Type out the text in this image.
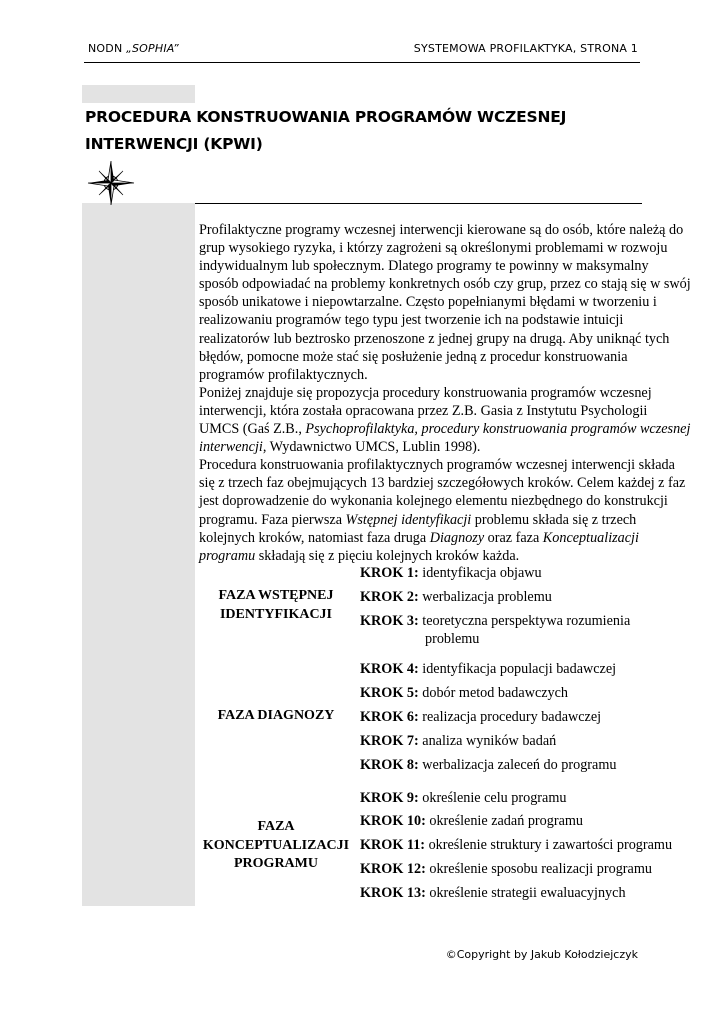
NODN „SOPHIA”	SYSTEMOWA PROFILAKTYKA, STRONA 1
PROCEDURA KONSTRUOWANIA PROGRAMÓW WCZESNEJ INTERWENCJI (KPWI)

Profilaktyczne programy wczesnej interwencji kierowane są do osób, które należą do grup wysokiego ryzyka, i którzy zagrożeni są określonymi problemami w rozwoju indywidualnym lub społecznym. Dlatego programy te powinny w maksymalny sposób odpowiadać na problemy konkretnych osób czy grup, przez co stają się w swój sposób unikatowe i niepowtarzalne. Często popełnianymi błędami w tworzeniu i realizowaniu programów tego typu jest tworzenie ich na podstawie intuicji realizatorów lub beztrosko przenoszone z jednej grupy na drugą. Aby uniknąć tych błędów, pomocne może stać się posłużenie jedną z procedur konstruowania programów profilaktycznych.

Poniżej znajduje się propozycja procedury konstruowania programów wczesnej interwencji, która została opracowana przez Z.B. Gasia z Instytutu Psychologii UMCS (Gaś Z.B., Psychoprofilaktyka, procedury konstruowania programów wczesnej interwencji, Wydawnictwo UMCS, Lublin 1998).

Procedura konstruowania profilaktycznych programów wczesnej interwencji składa się z trzech faz obejmujących 13 bardziej szczegółowych kroków. Celem każdej z faz jest doprowadzenie do wykonania kolejnego elementu niezbędnego do konstrukcji programu. Faza pierwsza Wstępnej identyfikacji problemu składa się z trzech kolejnych kroków, natomiast faza druga Diagnozy oraz faza Konceptualizacji programu składają się z pięciu kolejnych kroków każda.

FAZA WSTĘPNEJ
IDENTYFIKACJI
KROK 1: identyfikacja objawu
KROK 2: werbalizacja problemu
KROK 3: teoretyczna perspektywa rozumienia
problemu
FAZA DIAGNOZY
KROK 4: identyfikacja populacji badawczej
KROK 5: dobór metod badawczych
KROK 6: realizacja procedury badawczej
KROK 7: analiza wyników badań
KROK 8: werbalizacja zaleceń do programu
FAZA
KONCEPTUALIZACJI
PROGRAMU
KROK 9: określenie celu programu
KROK 10: określenie zadań programu
KROK 11: określenie struktury i zawartości programu
KROK 12: określenie sposobu realizacji programu
KROK 13: określenie strategii ewaluacyjnych
©Copyright by Jakub Kołodziejczyk
